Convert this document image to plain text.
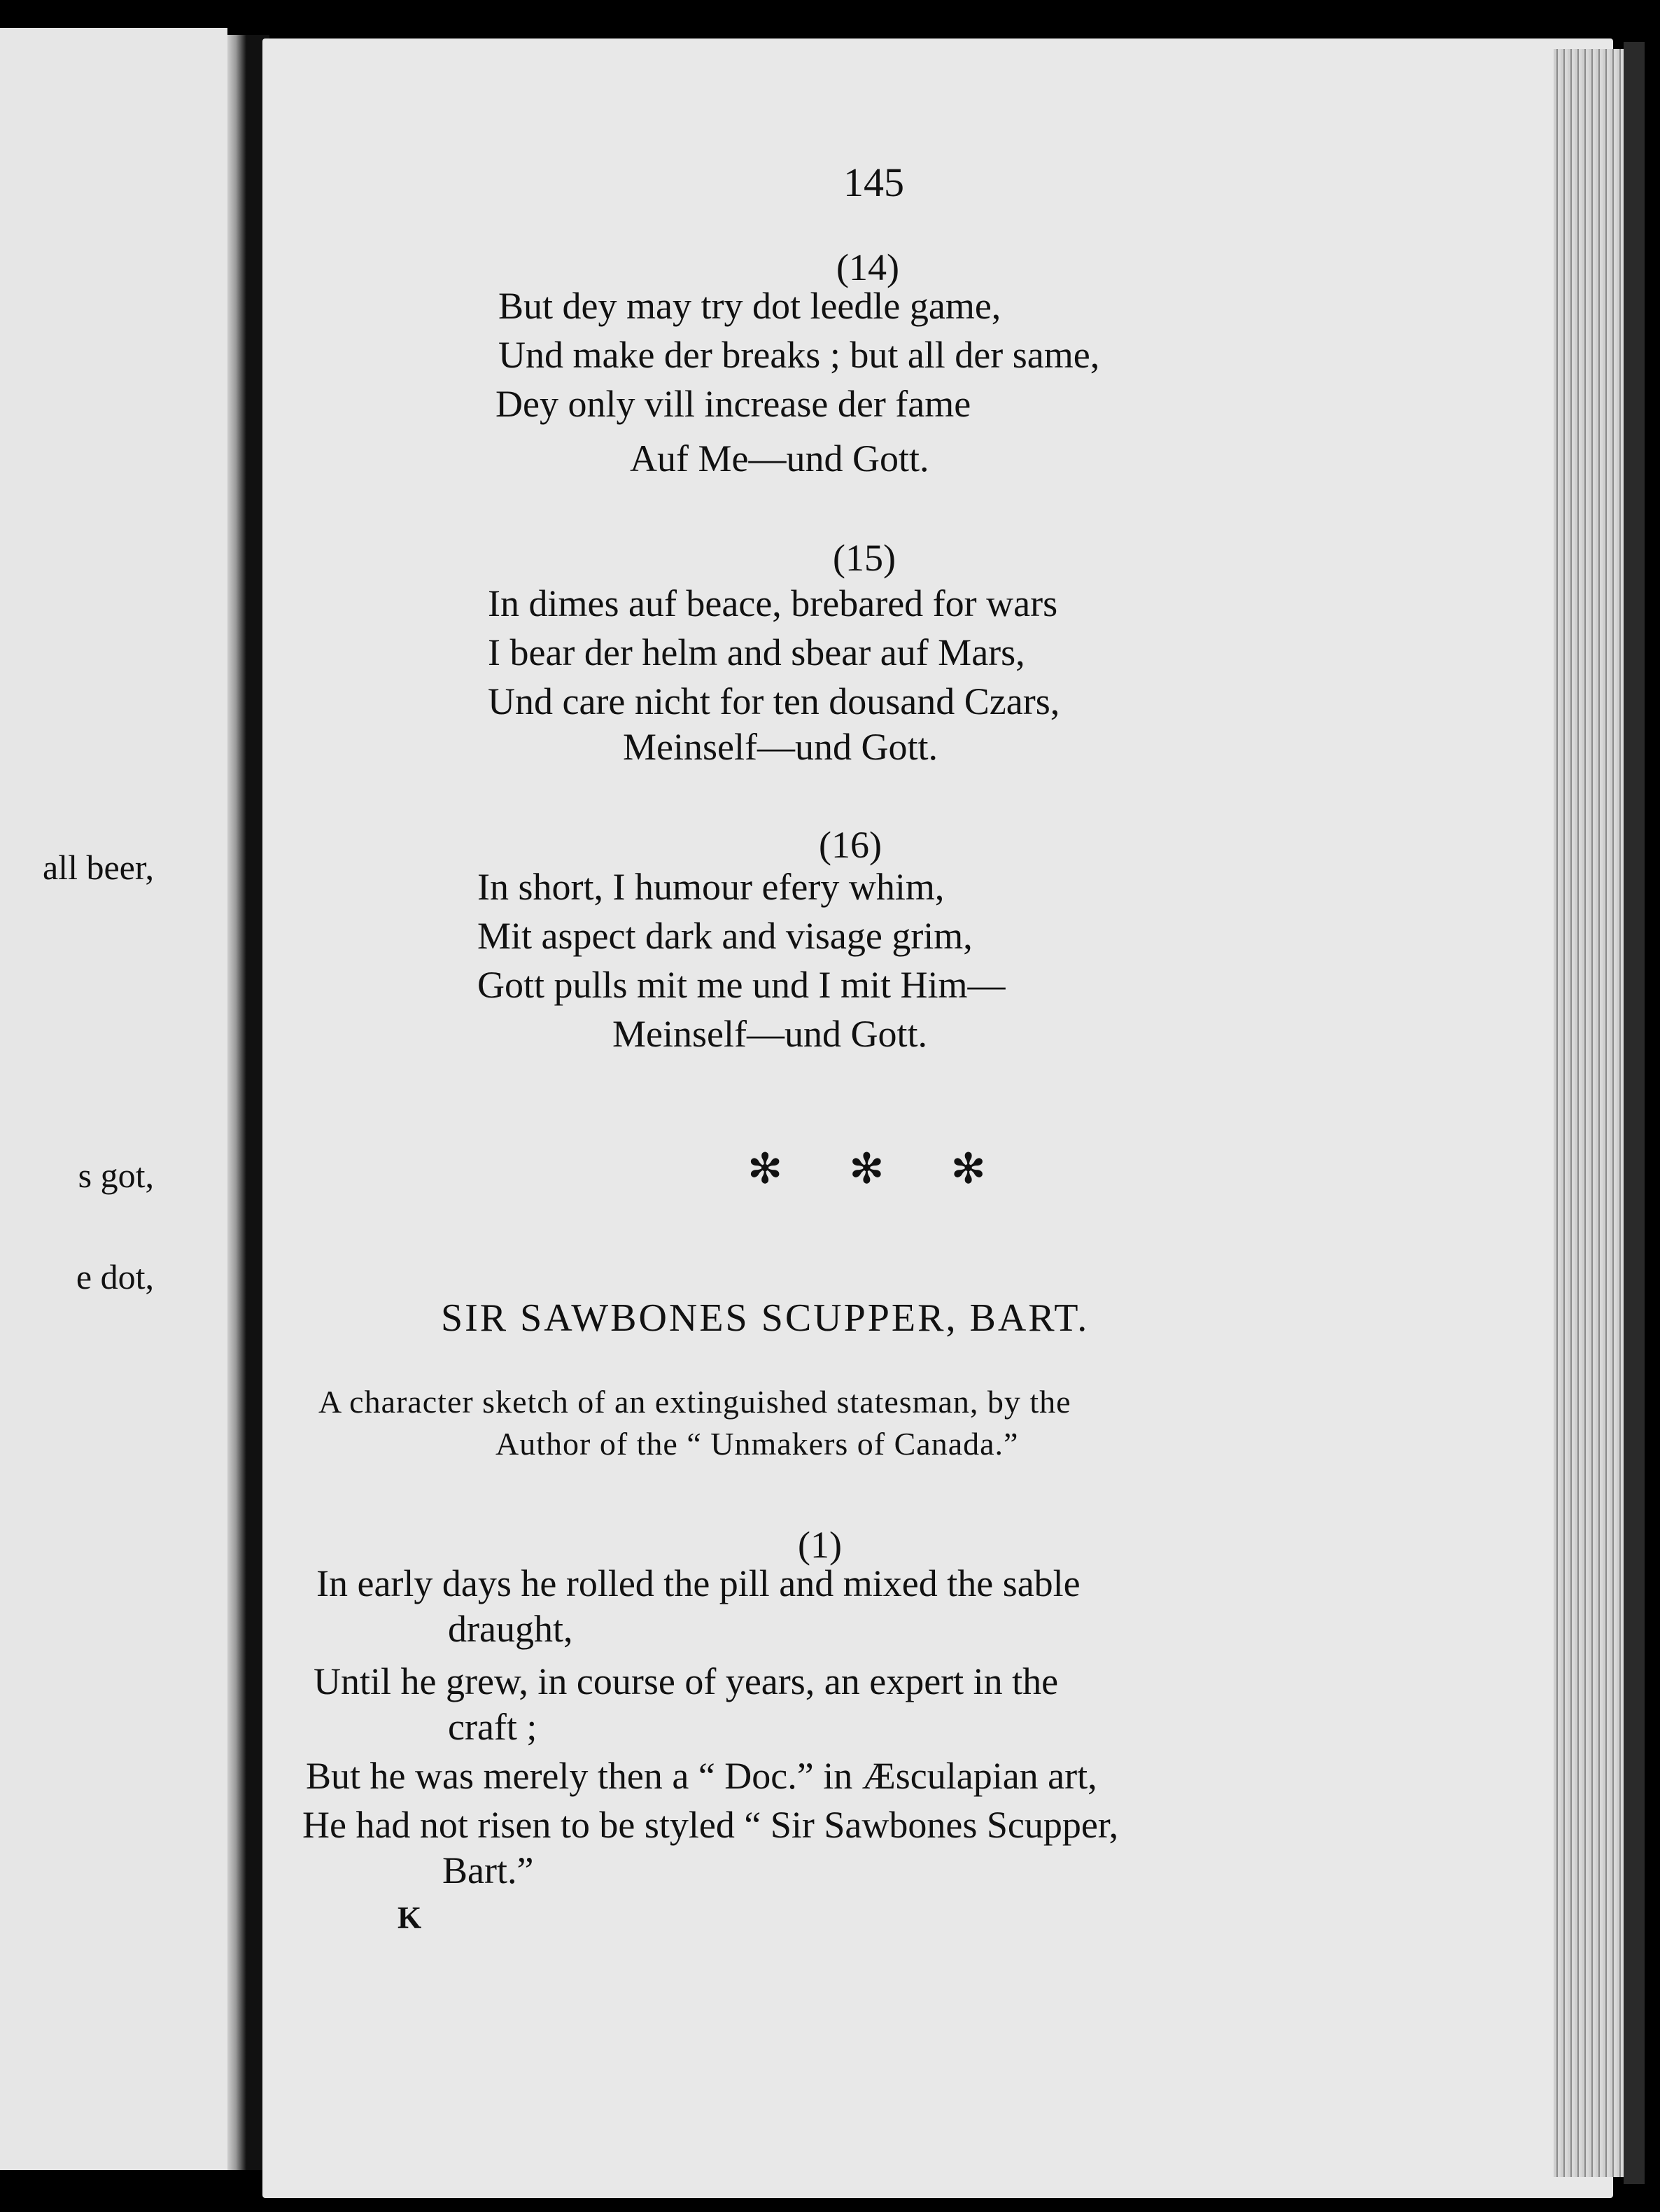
all beer,
s got,
e dot,
145
(14)
But dey may try dot leedle game,
Und make der breaks ; but all der same,
Dey only vill increase der fame
Auf Me—und Gott.
(15)
In dimes auf beace, brebared for wars
I bear der helm and sbear auf Mars,
Und care nicht for ten dousand Czars,
Meinself—und Gott.
(16)
In short, I humour efery whim,
Mit aspect dark and visage grim,
Gott pulls mit me und I mit Him—
Meinself—und Gott.
✻ ✻ ✻
SIR SAWBONES SCUPPER, BART.
A character sketch of an extinguished statesman, by the
Author of the “ Unmakers of Canada.”
(1)
In early days he rolled the pill and mixed the sable
draught,
Until he grew, in course of years, an expert in the
craft ;
But he was merely then a “ Doc.” in Æsculapian art,
He had not risen to be styled “ Sir Sawbones Scupper,
Bart.”
K
